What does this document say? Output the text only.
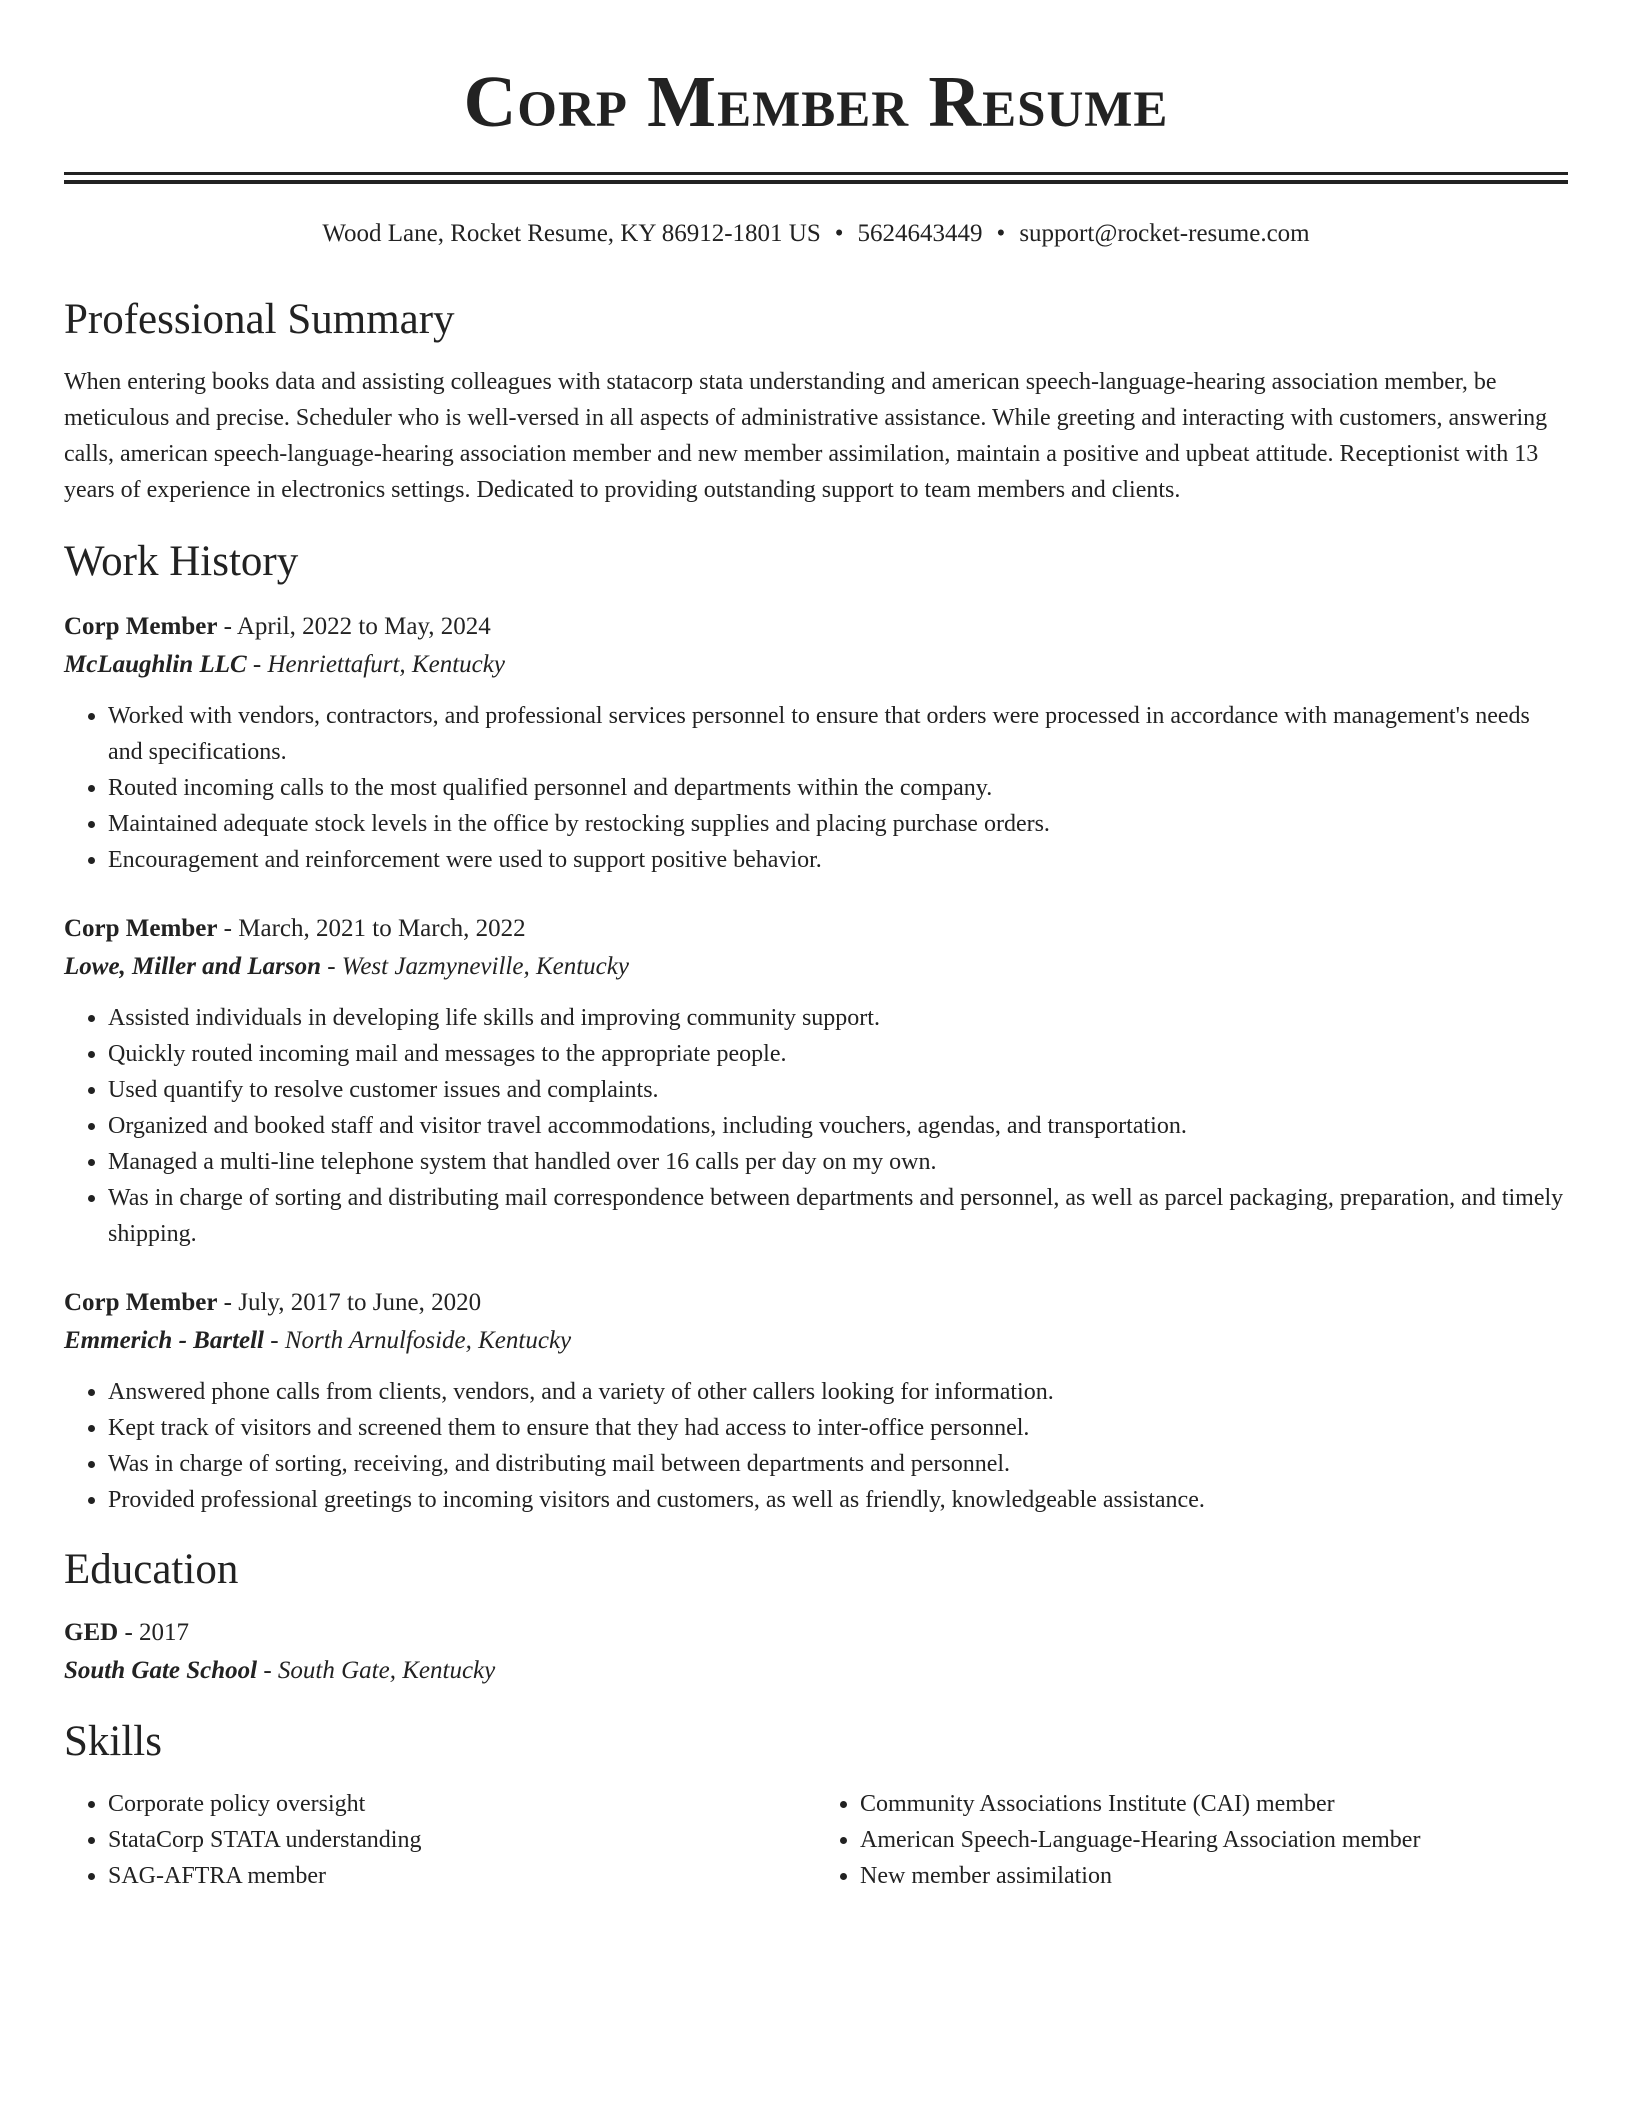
Corp Member Resume
Wood Lane, Rocket Resume, KY 86912-1801 US • 5624643449 • support@rocket-resume.com
Professional Summary

When entering books data and assisting colleagues with statacorp stata understanding and american speech-language-hearing association member, be meticulous and precise. Scheduler who is well-versed in all aspects of administrative assistance. While greeting and interacting with customers, answering calls, american speech-language-hearing association member and new member assimilation, maintain a positive and upbeat attitude. Receptionist with 13 years of experience in electronics settings. Dedicated to providing outstanding support to team members and clients.

Work History
Corp Member - April, 2022 to May, 2024
McLaughlin LLC - Henriettafurt, Kentucky
• Worked with vendors, contractors, and professional services personnel to ensure that orders were processed in accordance with management's needs and specifications.
• Routed incoming calls to the most qualified personnel and departments within the company.
• Maintained adequate stock levels in the office by restocking supplies and placing purchase orders.
• Encouragement and reinforcement were used to support positive behavior.
Corp Member - March, 2021 to March, 2022
Lowe, Miller and Larson - West Jazmyneville, Kentucky
• Assisted individuals in developing life skills and improving community support.
• Quickly routed incoming mail and messages to the appropriate people.
• Used quantify to resolve customer issues and complaints.
• Organized and booked staff and visitor travel accommodations, including vouchers, agendas, and transportation.
• Managed a multi-line telephone system that handled over 16 calls per day on my own.
• Was in charge of sorting and distributing mail correspondence between departments and personnel, as well as parcel packaging, preparation, and timely shipping.
Corp Member - July, 2017 to June, 2020
Emmerich - Bartell - North Arnulfoside, Kentucky
• Answered phone calls from clients, vendors, and a variety of other callers looking for information.
• Kept track of visitors and screened them to ensure that they had access to inter-office personnel.
• Was in charge of sorting, receiving, and distributing mail between departments and personnel.
• Provided professional greetings to incoming visitors and customers, as well as friendly, knowledgeable assistance.
Education
GED - 2017
South Gate School - South Gate, Kentucky
Skills
• Corporate policy oversight
• StataCorp STATA understanding
• SAG-AFTRA member
• Community Associations Institute (CAI) member
• American Speech-Language-Hearing Association member
• New member assimilation
